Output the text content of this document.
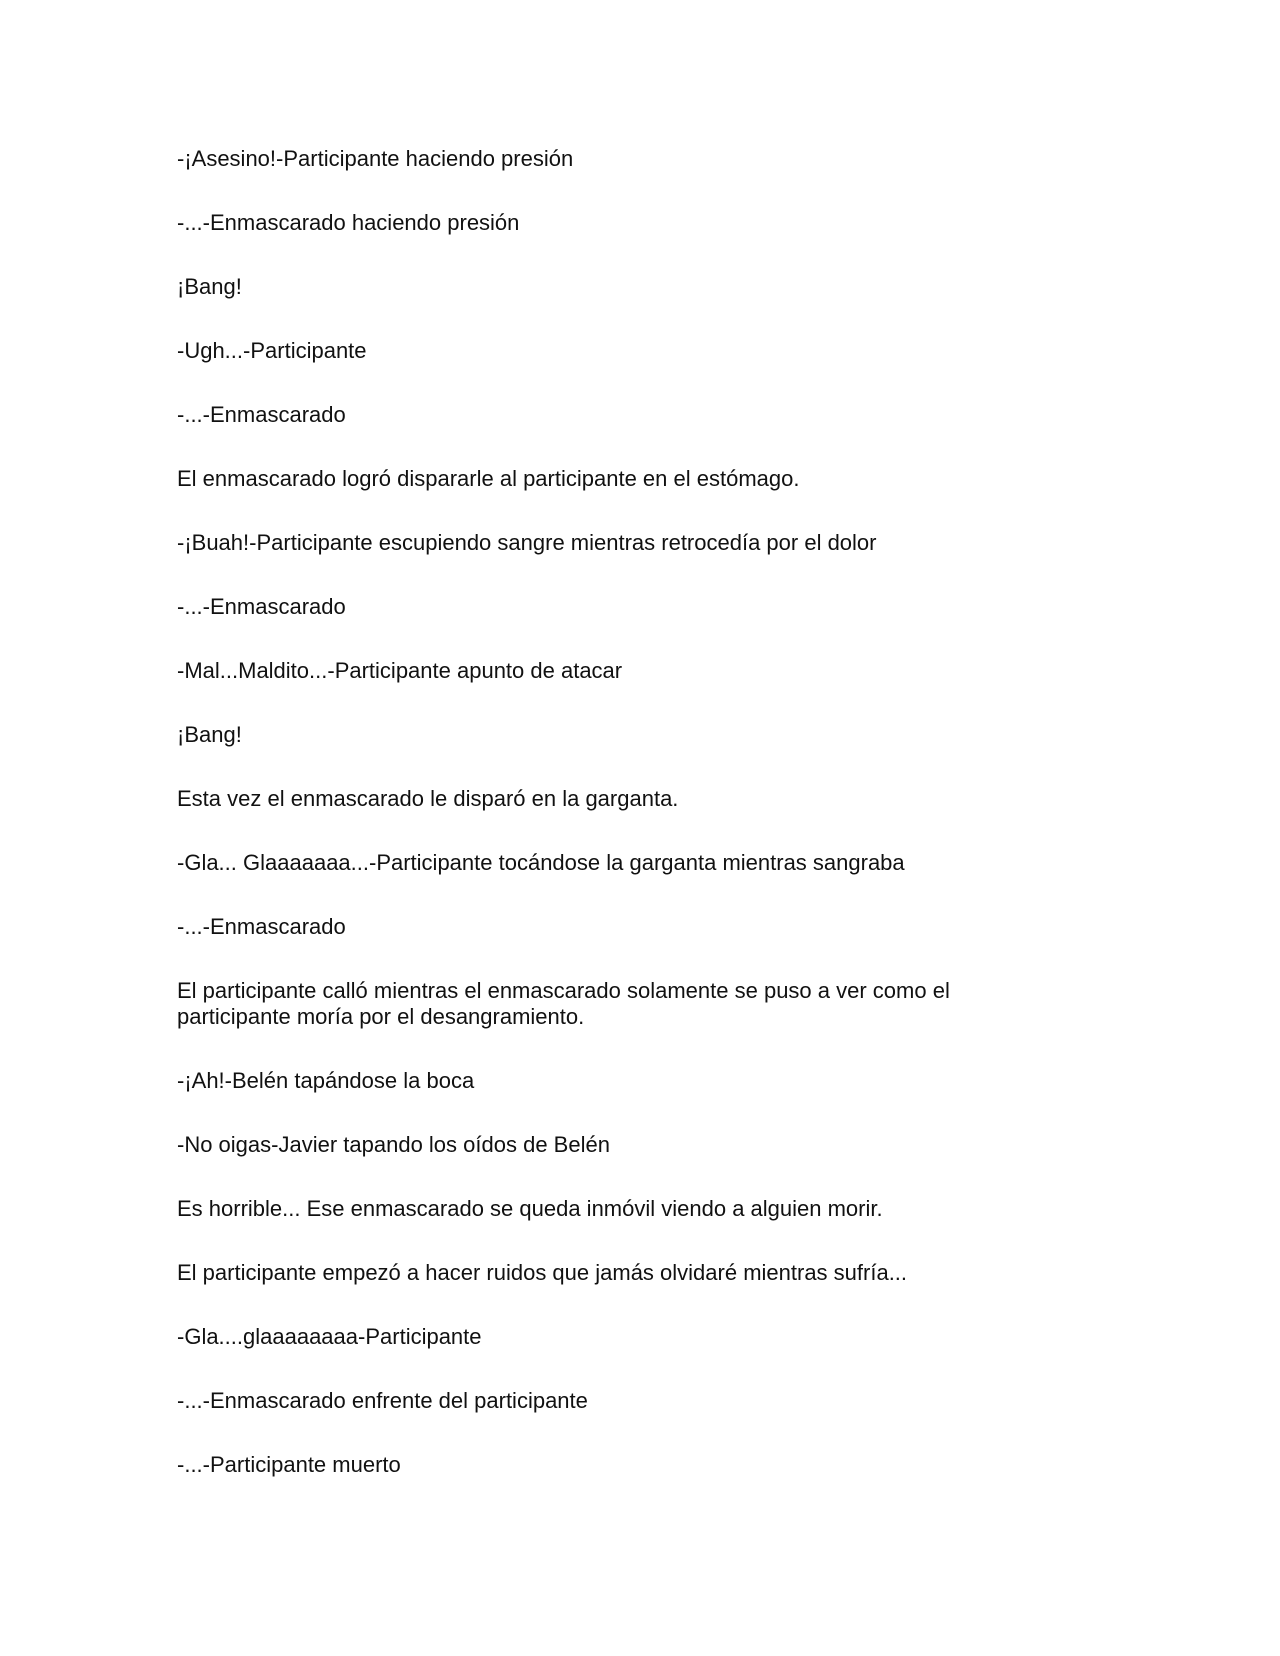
-¡Asesino!-Participante haciendo presión

-...-Enmascarado haciendo presión

¡Bang!

-Ugh...-Participante

-...-Enmascarado

El enmascarado logró dispararle al participante en el estómago.

-¡Buah!-Participante escupiendo sangre mientras retrocedía por el dolor

-...-Enmascarado

-Mal...Maldito...-Participante apunto de atacar

¡Bang!

Esta vez el enmascarado le disparó en la garganta.

-Gla... Glaaaaaaa...-Participante tocándose la garganta mientras sangraba

-...-Enmascarado

El participante calló mientras el enmascarado solamente se puso a ver como el participante moría por el desangramiento.

-¡Ah!-Belén tapándose la boca

-No oigas-Javier tapando los oídos de Belén

Es horrible... Ese enmascarado se queda inmóvil viendo a alguien morir.

El participante empezó a hacer ruidos que jamás olvidaré mientras sufría...

-Gla....glaaaaaaaa-Participante

-...-Enmascarado enfrente del participante

-...-Participante muerto
